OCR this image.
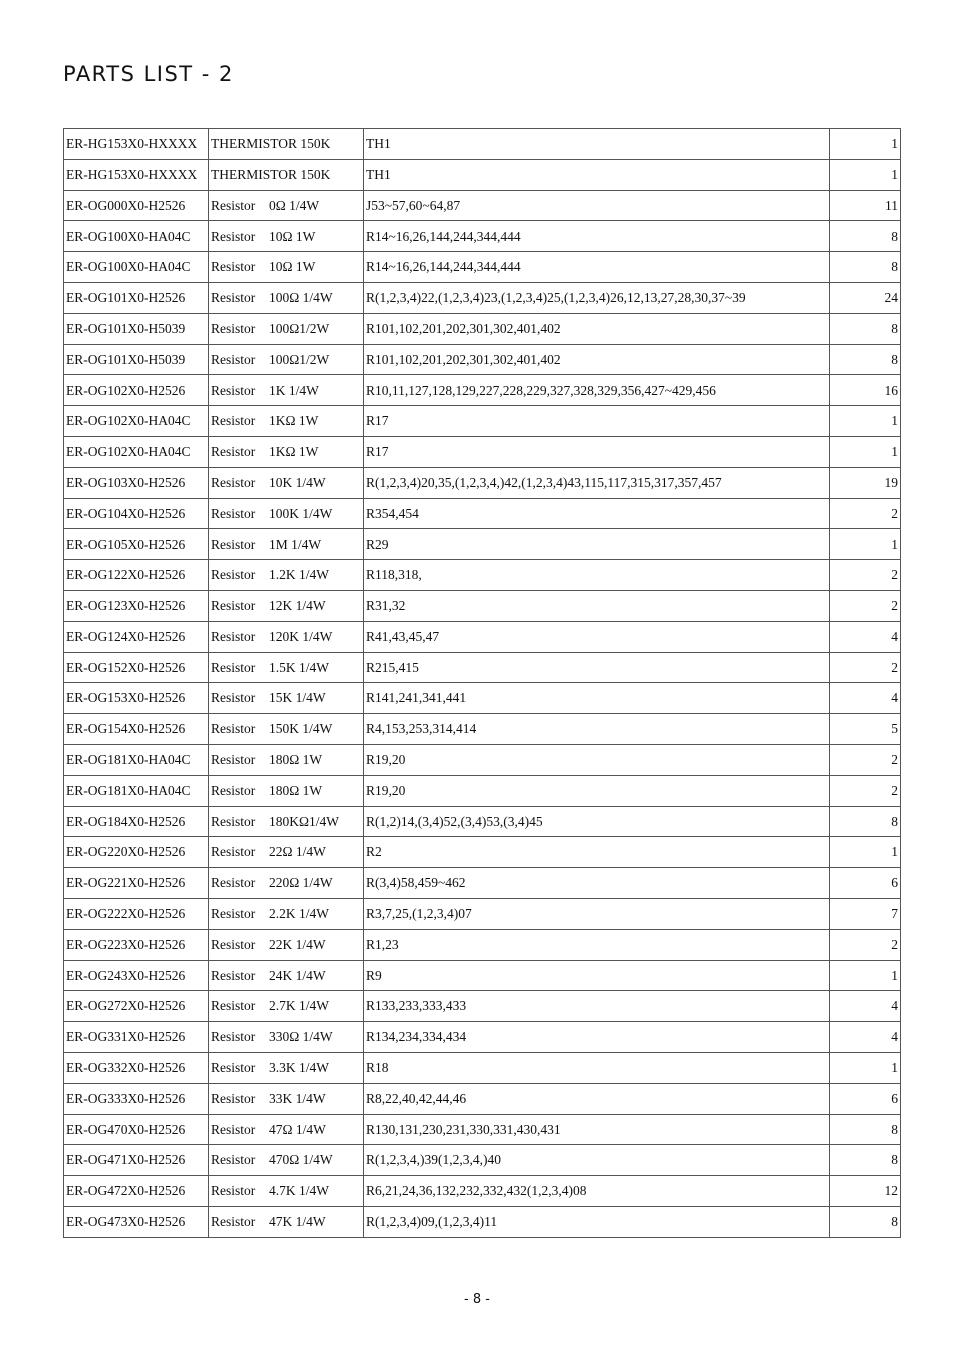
PARTS LIST - 2
ER-HG153X0-HXXXX	THERMISTOR 150K	TH1	1
ER-HG153X0-HXXXX	THERMISTOR 150K	TH1	1
ER-OG000X0-H2526	Resistor 0Ω 1/4W	J53~57,60~64,87	11
ER-OG100X0-HA04C	Resistor 10Ω 1W	R14~16,26,144,244,344,444	8
ER-OG100X0-HA04C	Resistor 10Ω 1W	R14~16,26,144,244,344,444	8
ER-OG101X0-H2526	Resistor 100Ω 1/4W	R(1,2,3,4)22,(1,2,3,4)23,(1,2,3,4)25,(1,2,3,4)26,12,13,27,28,30,37~39	24
ER-OG101X0-H5039	Resistor 100Ω1/2W	R101,102,201,202,301,302,401,402	8
ER-OG101X0-H5039	Resistor 100Ω1/2W	R101,102,201,202,301,302,401,402	8
ER-OG102X0-H2526	Resistor 1K 1/4W	R10,11,127,128,129,227,228,229,327,328,329,356,427~429,456	16
ER-OG102X0-HA04C	Resistor 1KΩ 1W	R17	1
ER-OG102X0-HA04C	Resistor 1KΩ 1W	R17	1
ER-OG103X0-H2526	Resistor 10K 1/4W	R(1,2,3,4)20,35,(1,2,3,4,)42,(1,2,3,4)43,115,117,315,317,357,457	19
ER-OG104X0-H2526	Resistor 100K 1/4W	R354,454	2
ER-OG105X0-H2526	Resistor 1M 1/4W	R29	1
ER-OG122X0-H2526	Resistor 1.2K 1/4W	R118,318,	2
ER-OG123X0-H2526	Resistor 12K 1/4W	R31,32	2
ER-OG124X0-H2526	Resistor 120K 1/4W	R41,43,45,47	4
ER-OG152X0-H2526	Resistor 1.5K 1/4W	R215,415	2
ER-OG153X0-H2526	Resistor 15K 1/4W	R141,241,341,441	4
ER-OG154X0-H2526	Resistor 150K 1/4W	R4,153,253,314,414	5
ER-OG181X0-HA04C	Resistor 180Ω 1W	R19,20	2
ER-OG181X0-HA04C	Resistor 180Ω 1W	R19,20	2
ER-OG184X0-H2526	Resistor 180KΩ1/4W	R(1,2)14,(3,4)52,(3,4)53,(3,4)45	8
ER-OG220X0-H2526	Resistor 22Ω 1/4W	R2	1
ER-OG221X0-H2526	Resistor 220Ω 1/4W	R(3,4)58,459~462	6
ER-OG222X0-H2526	Resistor 2.2K 1/4W	R3,7,25,(1,2,3,4)07	7
ER-OG223X0-H2526	Resistor 22K 1/4W	R1,23	2
ER-OG243X0-H2526	Resistor 24K 1/4W	R9	1
ER-OG272X0-H2526	Resistor 2.7K 1/4W	R133,233,333,433	4
ER-OG331X0-H2526	Resistor 330Ω 1/4W	R134,234,334,434	4
ER-OG332X0-H2526	Resistor 3.3K 1/4W	R18	1
ER-OG333X0-H2526	Resistor 33K 1/4W	R8,22,40,42,44,46	6
ER-OG470X0-H2526	Resistor 47Ω 1/4W	R130,131,230,231,330,331,430,431	8
ER-OG471X0-H2526	Resistor 470Ω 1/4W	R(1,2,3,4,)39(1,2,3,4,)40	8
ER-OG472X0-H2526	Resistor 4.7K 1/4W	R6,21,24,36,132,232,332,432(1,2,3,4)08	12
ER-OG473X0-H2526	Resistor 47K 1/4W	R(1,2,3,4)09,(1,2,3,4)11	8
- 8 -
